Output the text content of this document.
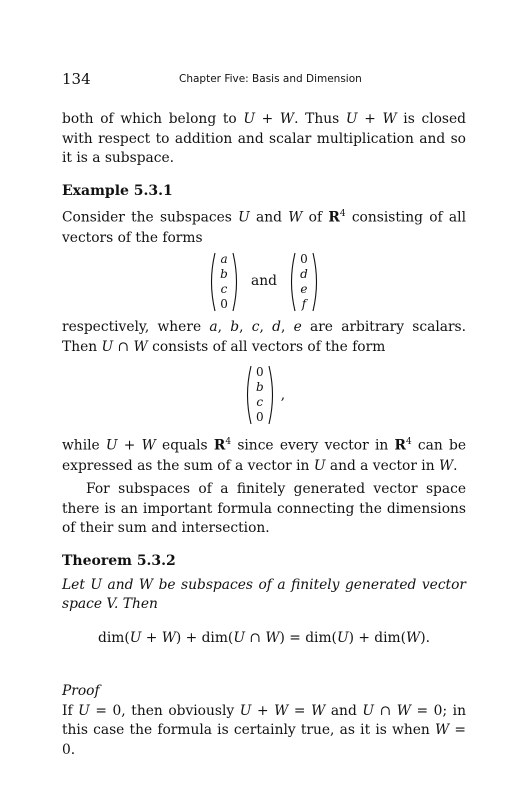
134	Chapter Five: Basis and Dimension

both of which belong to U + W. Thus U + W is closed with respect to addition and scalar multiplication and so it is a subspace.

Example 5.3.1

Consider the subspaces U and W of $R^4$ consisting of all vectors of the forms

a
b
c
0
and
0
d
e
f

respectively, where a, b, c, d, e are arbitrary scalars. Then U ∩ W consists of all vectors of the form

0
b
c
0
,

while U + W equals $R^4$ since every vector in $R^4$ can be expressed as the sum of a vector in U and a vector in W.

For subspaces of a finitely generated vector space there is an important formula connecting the dimensions of their sum and intersection.

Theorem 5.3.2

Let U and W be subspaces of a finitely generated vector space V. Then

dim(U + W) + dim(U ∩ W) = dim(U) + dim(W).
Proof

If U = 0, then obviously U + W = W and U ∩ W = 0; in this case the formula is certainly true, as it is when W = 0.
